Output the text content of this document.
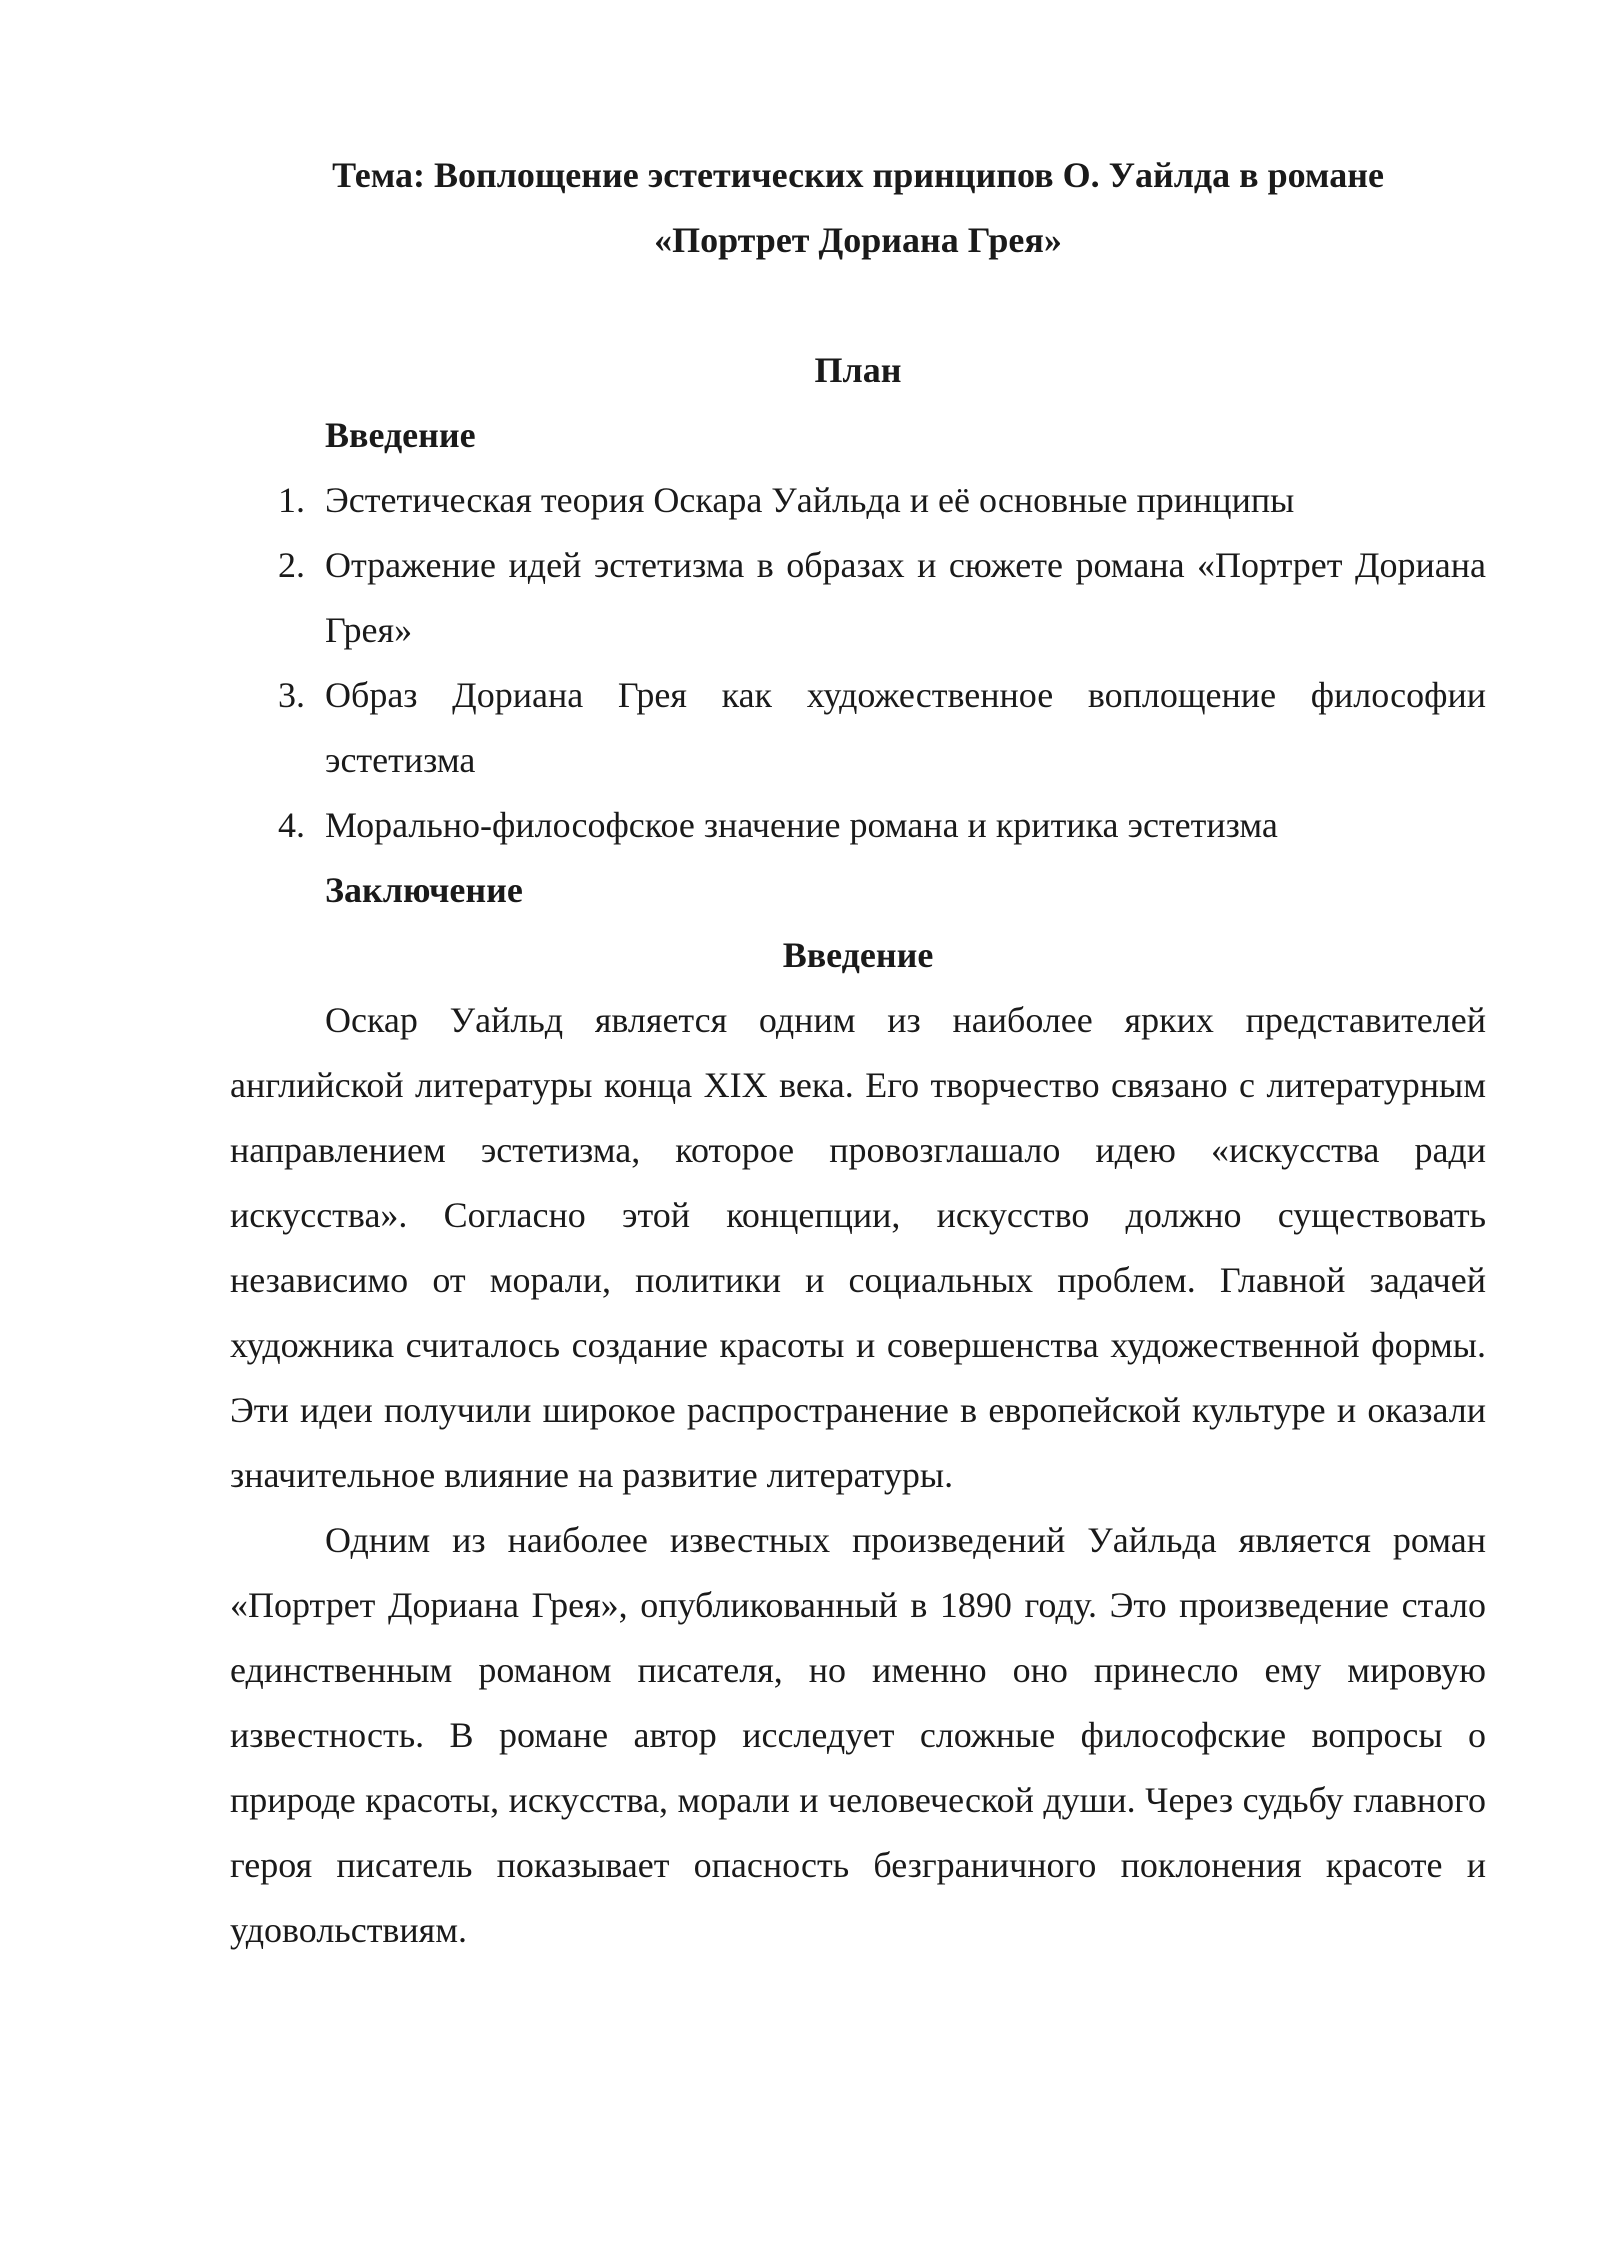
Тема: Воплощение эстетических принципов О. Уайлда в романе
«Портрет Дориана Грея»
План
Введение
1. Эстетическая теория Оскара Уайльда и её основные принципы
2. Отражение идей эстетизма в образах и сюжете романа «Портрет Дориана Грея»
3. Образ Дориана Грея как художественное воплощение философии эстетизма
4. Морально-философское значение романа и критика эстетизма
Заключение
Введение

Оскар Уайльд является одним из наиболее ярких представителей английской литературы конца XIX века. Его творчество связано с литературным направлением эстетизма, которое провозглашало идею «искусства ради искусства». Согласно этой концепции, искусство должно существовать независимо от морали, политики и социальных проблем. Главной задачей художника считалось создание красоты и совершенства художественной формы. Эти идеи получили широкое распространение в европейской культуре и оказали значительное влияние на развитие литературы.

Одним из наиболее известных произведений Уайльда является роман «Портрет Дориана Грея», опубликованный в 1890 году. Это произведение стало единственным романом писателя, но именно оно принесло ему мировую известность. В романе автор исследует сложные философские вопросы о природе красоты, искусства, морали и человеческой души. Через судьбу главного героя писатель показывает опасность безграничного поклонения красоте и удовольствиям.
